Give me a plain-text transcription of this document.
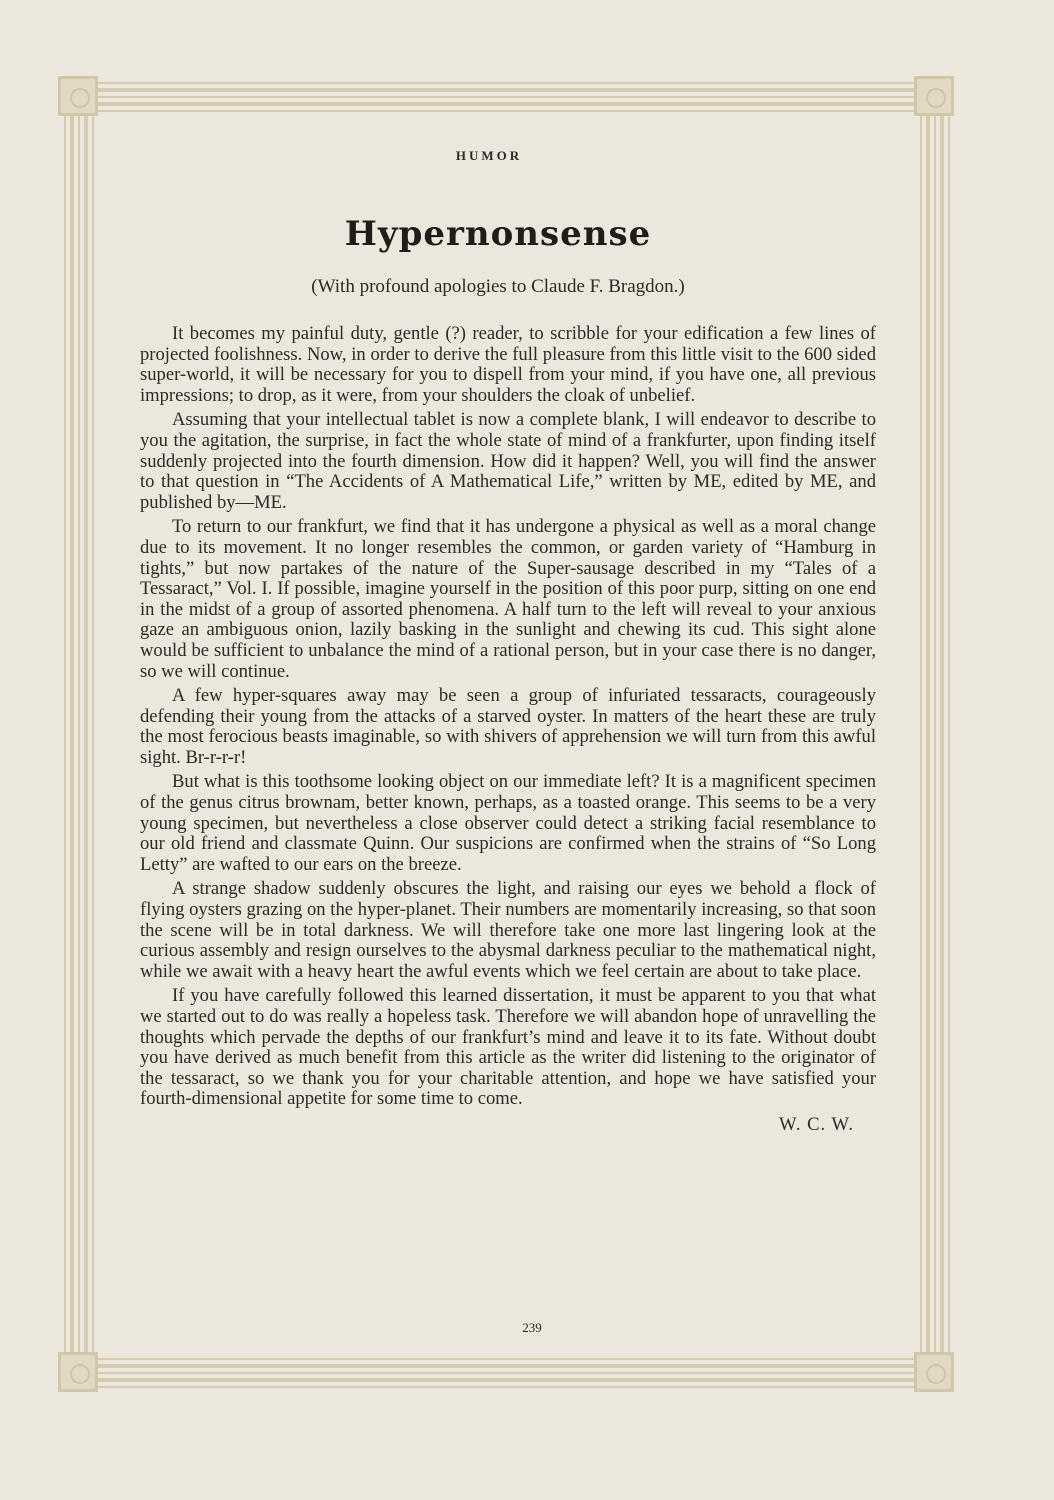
HUMOR
Hypernonsense
(With profound apologies to Claude F. Bragdon.)

It becomes my painful duty, gentle (?) reader, to scribble for your edification a few lines of projected foolishness. Now, in order to derive the full pleasure from this little visit to the 600 sided super-world, it will be necessary for you to dispell from your mind, if you have one, all previous impressions; to drop, as it were, from your shoulders the cloak of unbelief.

Assuming that your intellectual tablet is now a complete blank, I will endeavor to describe to you the agitation, the surprise, in fact the whole state of mind of a frankfurter, upon finding itself suddenly projected into the fourth dimension. How did it happen? Well, you will find the answer to that question in “The Accidents of A Mathematical Life,” written by ME, edited by ME, and published by—ME.

To return to our frankfurt, we find that it has undergone a physical as well as a moral change due to its movement. It no longer resembles the common, or garden variety of “Hamburg in tights,” but now partakes of the nature of the Super-sausage described in my “Tales of a Tessaract,” Vol. I. If possible, imagine yourself in the position of this poor purp, sitting on one end in the midst of a group of assorted phenomena. A half turn to the left will reveal to your anxious gaze an ambiguous onion, lazily basking in the sunlight and chewing its cud. This sight alone would be sufficient to unbalance the mind of a rational person, but in your case there is no danger, so we will continue.

A few hyper-squares away may be seen a group of infuriated tessaracts, courageously defending their young from the attacks of a starved oyster. In matters of the heart these are truly the most ferocious beasts imaginable, so with shivers of apprehension we will turn from this awful sight. Br-r-r-r!

But what is this toothsome looking object on our immediate left? It is a magnificent specimen of the genus citrus brownam, better known, perhaps, as a toasted orange. This seems to be a very young specimen, but nevertheless a close observer could detect a striking facial resemblance to our old friend and classmate Quinn. Our suspicions are confirmed when the strains of “So Long Letty” are wafted to our ears on the breeze.

A strange shadow suddenly obscures the light, and raising our eyes we behold a flock of flying oysters grazing on the hyper-planet. Their numbers are momentarily increasing, so that soon the scene will be in total darkness. We will therefore take one more last lingering look at the curious assembly and resign ourselves to the abysmal darkness peculiar to the mathematical night, while we await with a heavy heart the awful events which we feel certain are about to take place.

If you have carefully followed this learned dissertation, it must be apparent to you that what we started out to do was really a hopeless task. Therefore we will abandon hope of unravelling the thoughts which pervade the depths of our frankfurt’s mind and leave it to its fate. Without doubt you have derived as much benefit from this article as the writer did listening to the originator of the tessaract, so we thank you for your charitable attention, and hope we have satisfied your fourth-dimensional appetite for some time to come.

W. C. W.
239
